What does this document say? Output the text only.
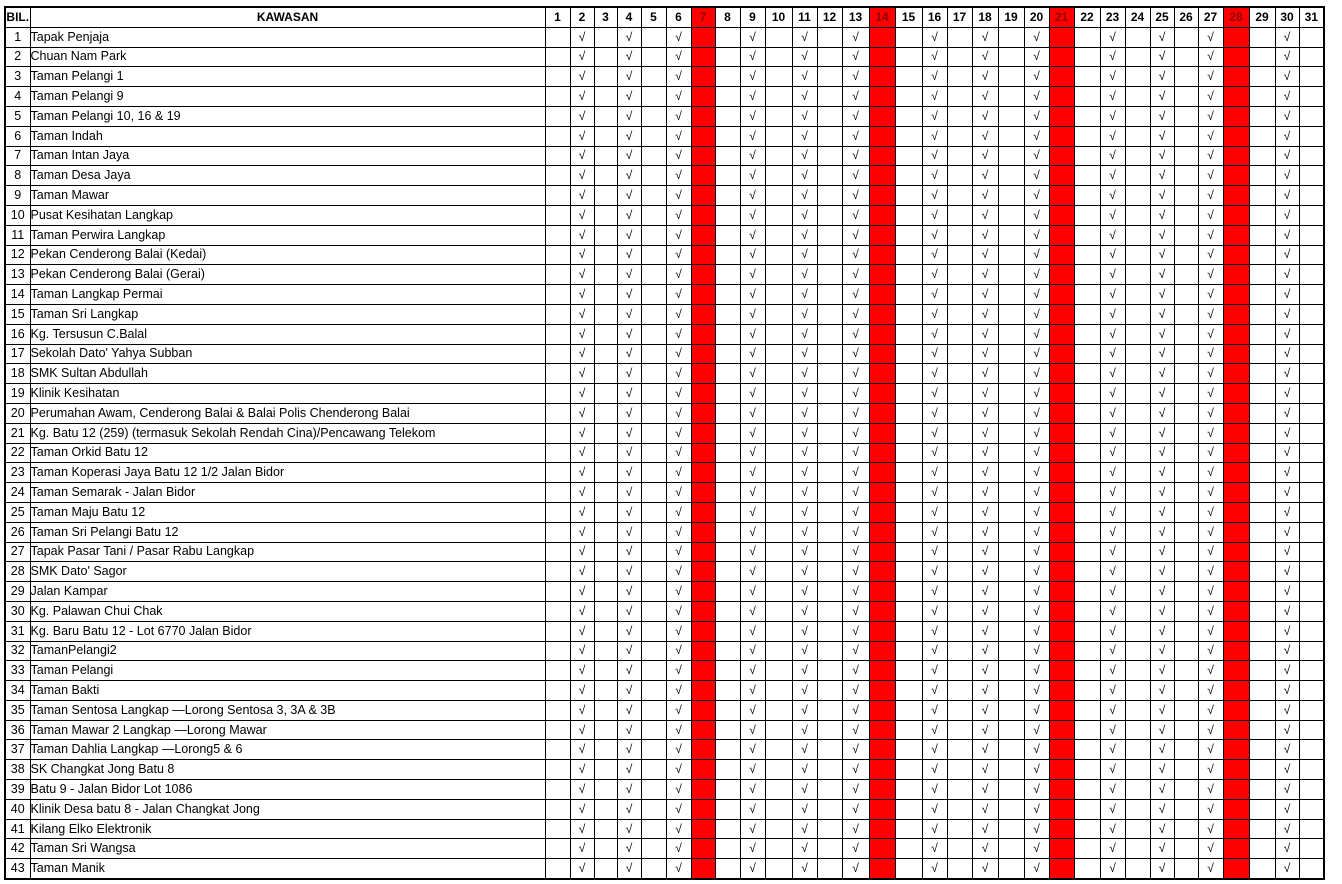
BIL.	KAWASAN	1	2	3	4	5	6	7	8	9	10	11	12	13	14	15	16	17	18	19	20	21	22	23	24	25	26	27	28	29	30	31
1	Tapak Penjaja		√		√		√			√		√		√			√		√		√			√		√		√			√	
2	Chuan Nam Park		√		√		√			√		√		√			√		√		√			√		√		√			√	
3	Taman Pelangi 1		√		√		√			√		√		√			√		√		√			√		√		√			√	
4	Taman Pelangi 9		√		√		√			√		√		√			√		√		√			√		√		√			√	
5	Taman Pelangi 10, 16 & 19		√		√		√			√		√		√			√		√		√			√		√		√			√	
6	Taman Indah		√		√		√			√		√		√			√		√		√			√		√		√			√	
7	Taman Intan Jaya		√		√		√			√		√		√			√		√		√			√		√		√			√	
8	Taman Desa Jaya		√		√		√			√		√		√			√		√		√			√		√		√			√	
9	Taman Mawar		√		√		√			√		√		√			√		√		√			√		√		√			√	
10	Pusat Kesihatan Langkap		√		√		√			√		√		√			√		√		√			√		√		√			√	
11	Taman Perwira Langkap		√		√		√			√		√		√			√		√		√			√		√		√			√	
12	Pekan Cenderong Balai (Kedai)		√		√		√			√		√		√			√		√		√			√		√		√			√	
13	Pekan Cenderong Balai (Gerai)		√		√		√			√		√		√			√		√		√			√		√		√			√	
14	Taman Langkap Permai		√		√		√			√		√		√			√		√		√			√		√		√			√	
15	Taman Sri Langkap		√		√		√			√		√		√			√		√		√			√		√		√			√	
16	Kg. Tersusun C.Balal		√		√		√			√		√		√			√		√		√			√		√		√			√	
17	Sekolah Dato' Yahya Subban		√		√		√			√		√		√			√		√		√			√		√		√			√	
18	SMK Sultan Abdullah		√		√		√			√		√		√			√		√		√			√		√		√			√	
19	Klinik Kesihatan		√		√		√			√		√		√			√		√		√			√		√		√			√	
20	Perumahan Awam, Cenderong Balai & Balai Polis Chenderong Balai		√		√		√			√		√		√			√		√		√			√		√		√			√	
21	Kg. Batu 12 (259) (termasuk Sekolah Rendah Cina)/Pencawang Telekom		√		√		√			√		√		√			√		√		√			√		√		√			√	
22	Taman Orkid Batu 12		√		√		√			√		√		√			√		√		√			√		√		√			√	
23	Taman Koperasi Jaya Batu 12 1/2 Jalan Bidor		√		√		√			√		√		√			√		√		√			√		√		√			√	
24	Taman Semarak - Jalan Bidor		√		√		√			√		√		√			√		√		√			√		√		√			√	
25	Taman Maju Batu 12		√		√		√			√		√		√			√		√		√			√		√		√			√	
26	Taman Sri Pelangi Batu 12		√		√		√			√		√		√			√		√		√			√		√		√			√	
27	Tapak Pasar Tani / Pasar Rabu Langkap		√		√		√			√		√		√			√		√		√			√		√		√			√	
28	SMK Dato' Sagor		√		√		√			√		√		√			√		√		√			√		√		√			√	
29	Jalan Kampar		√		√		√			√		√		√			√		√		√			√		√		√			√	
30	Kg. Palawan Chui Chak		√		√		√			√		√		√			√		√		√			√		√		√			√	
31	Kg. Baru Batu 12 - Lot 6770 Jalan Bidor		√		√		√			√		√		√			√		√		√			√		√		√			√	
32	TamanPelangi2		√		√		√			√		√		√			√		√		√			√		√		√			√	
33	Taman Pelangi		√		√		√			√		√		√			√		√		√			√		√		√			√	
34	Taman Bakti		√		√		√			√		√		√			√		√		√			√		√		√			√	
35	Taman Sentosa Langkap —Lorong Sentosa 3, 3A & 3B		√		√		√			√		√		√			√		√		√			√		√		√			√	
36	Taman Mawar 2 Langkap —Lorong Mawar		√		√		√			√		√		√			√		√		√			√		√		√			√	
37	Taman Dahlia Langkap —Lorong5 & 6		√		√		√			√		√		√			√		√		√			√		√		√			√	
38	SK Changkat Jong Batu 8		√		√		√			√		√		√			√		√		√			√		√		√			√	
39	Batu 9 - Jalan Bidor Lot 1086		√		√		√			√		√		√			√		√		√			√		√		√			√	
40	Klinik Desa batu 8 - Jalan Changkat Jong		√		√		√			√		√		√			√		√		√			√		√		√			√	
41	Kilang Elko Elektronik		√		√		√			√		√		√			√		√		√			√		√		√			√	
42	Taman Sri Wangsa		√		√		√			√		√		√			√		√		√			√		√		√			√	
43	Taman Manik		√		√		√			√		√		√			√		√		√			√		√		√			√	
